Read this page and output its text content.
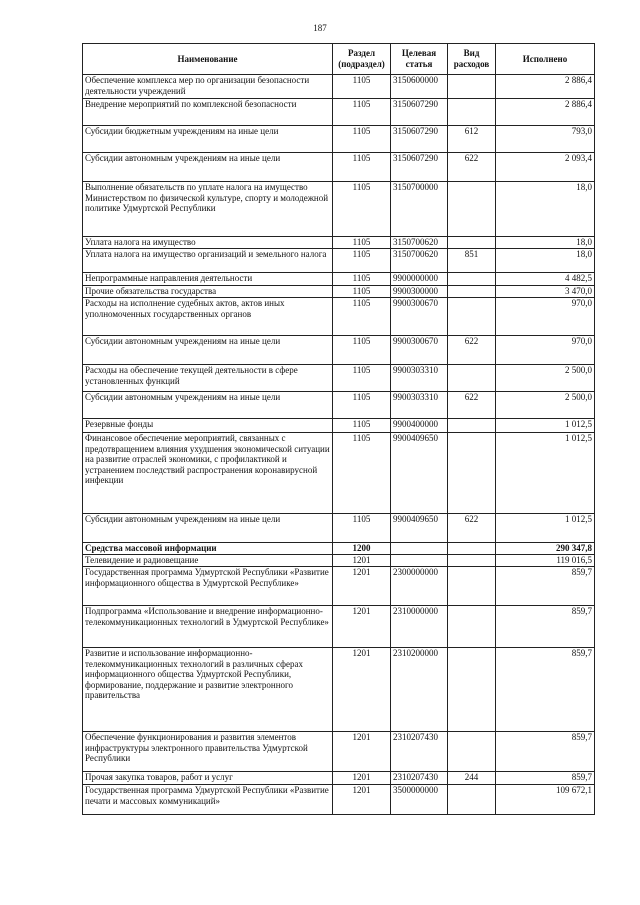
187
Наименование	Раздел (подраздел)	Целевая статья	Вид расходов	Исполнено
Обеспечение комплекса мер по организации безопасности деятельности учреждений	1105	3150600000		2 886,4
Внедрение мероприятий по комплексной безопасности	1105	3150607290		2 886,4
Субсидии бюджетным учреждениям на иные цели	1105	3150607290	612	793,0
Субсидии автономным учреждениям на иные цели	1105	3150607290	622	2 093,4
Выполнение обязательств по уплате налога на имущество Министерством по физической культуре, спорту и молодежной политике Удмуртской Республики	1105	3150700000		18,0
Уплата налога на имущество	1105	3150700620		18,0
Уплата налога на имущество организаций и земельного налога	1105	3150700620	851	18,0
Непрограммные направления деятельности	1105	9900000000		4 482,5
Прочие обязательства государства	1105	9900300000		3 470,0
Расходы на исполнение судебных актов, актов иных уполномоченных государственных органов	1105	9900300670		970,0
Субсидии автономным учреждениям на иные цели	1105	9900300670	622	970,0
Расходы на обеспечение текущей деятельности в сфере установленных функций	1105	9900303310		2 500,0
Субсидии автономным учреждениям на иные цели	1105	9900303310	622	2 500,0
Резервные фонды	1105	9900400000		1 012,5
Финансовое обеспечение мероприятий, связанных с предотвращением влияния ухудшения экономической ситуации на развитие отраслей экономики, с профилактикой и устранением последствий распространения коронавирусной инфекции	1105	9900409650		1 012,5
Субсидии автономным учреждениям на иные цели	1105	9900409650	622	1 012,5
Средства массовой информации	1200			290 347,8
Телевидение и радиовещание	1201			119 016,5
Государственная программа Удмуртской Республики «Развитие информационного общества в Удмуртской Республике»	1201	2300000000		859,7
Подпрограмма «Использование и внедрение информационно-телекоммуникационных технологий в Удмуртской Республике»	1201	2310000000		859,7
Развитие и использование информационно-телекоммуникационных технологий в различных сферах информационного общества Удмуртской Республики, формирование, поддержание и развитие электронного правительства	1201	2310200000		859,7
Обеспечение функционирования и развития элементов инфраструктуры электронного правительства Удмуртской Республики	1201	2310207430		859,7
Прочая закупка товаров, работ и услуг	1201	2310207430	244	859,7
Государственная программа Удмуртской Республики «Развитие печати и массовых коммуникаций»	1201	3500000000		109 672,1
